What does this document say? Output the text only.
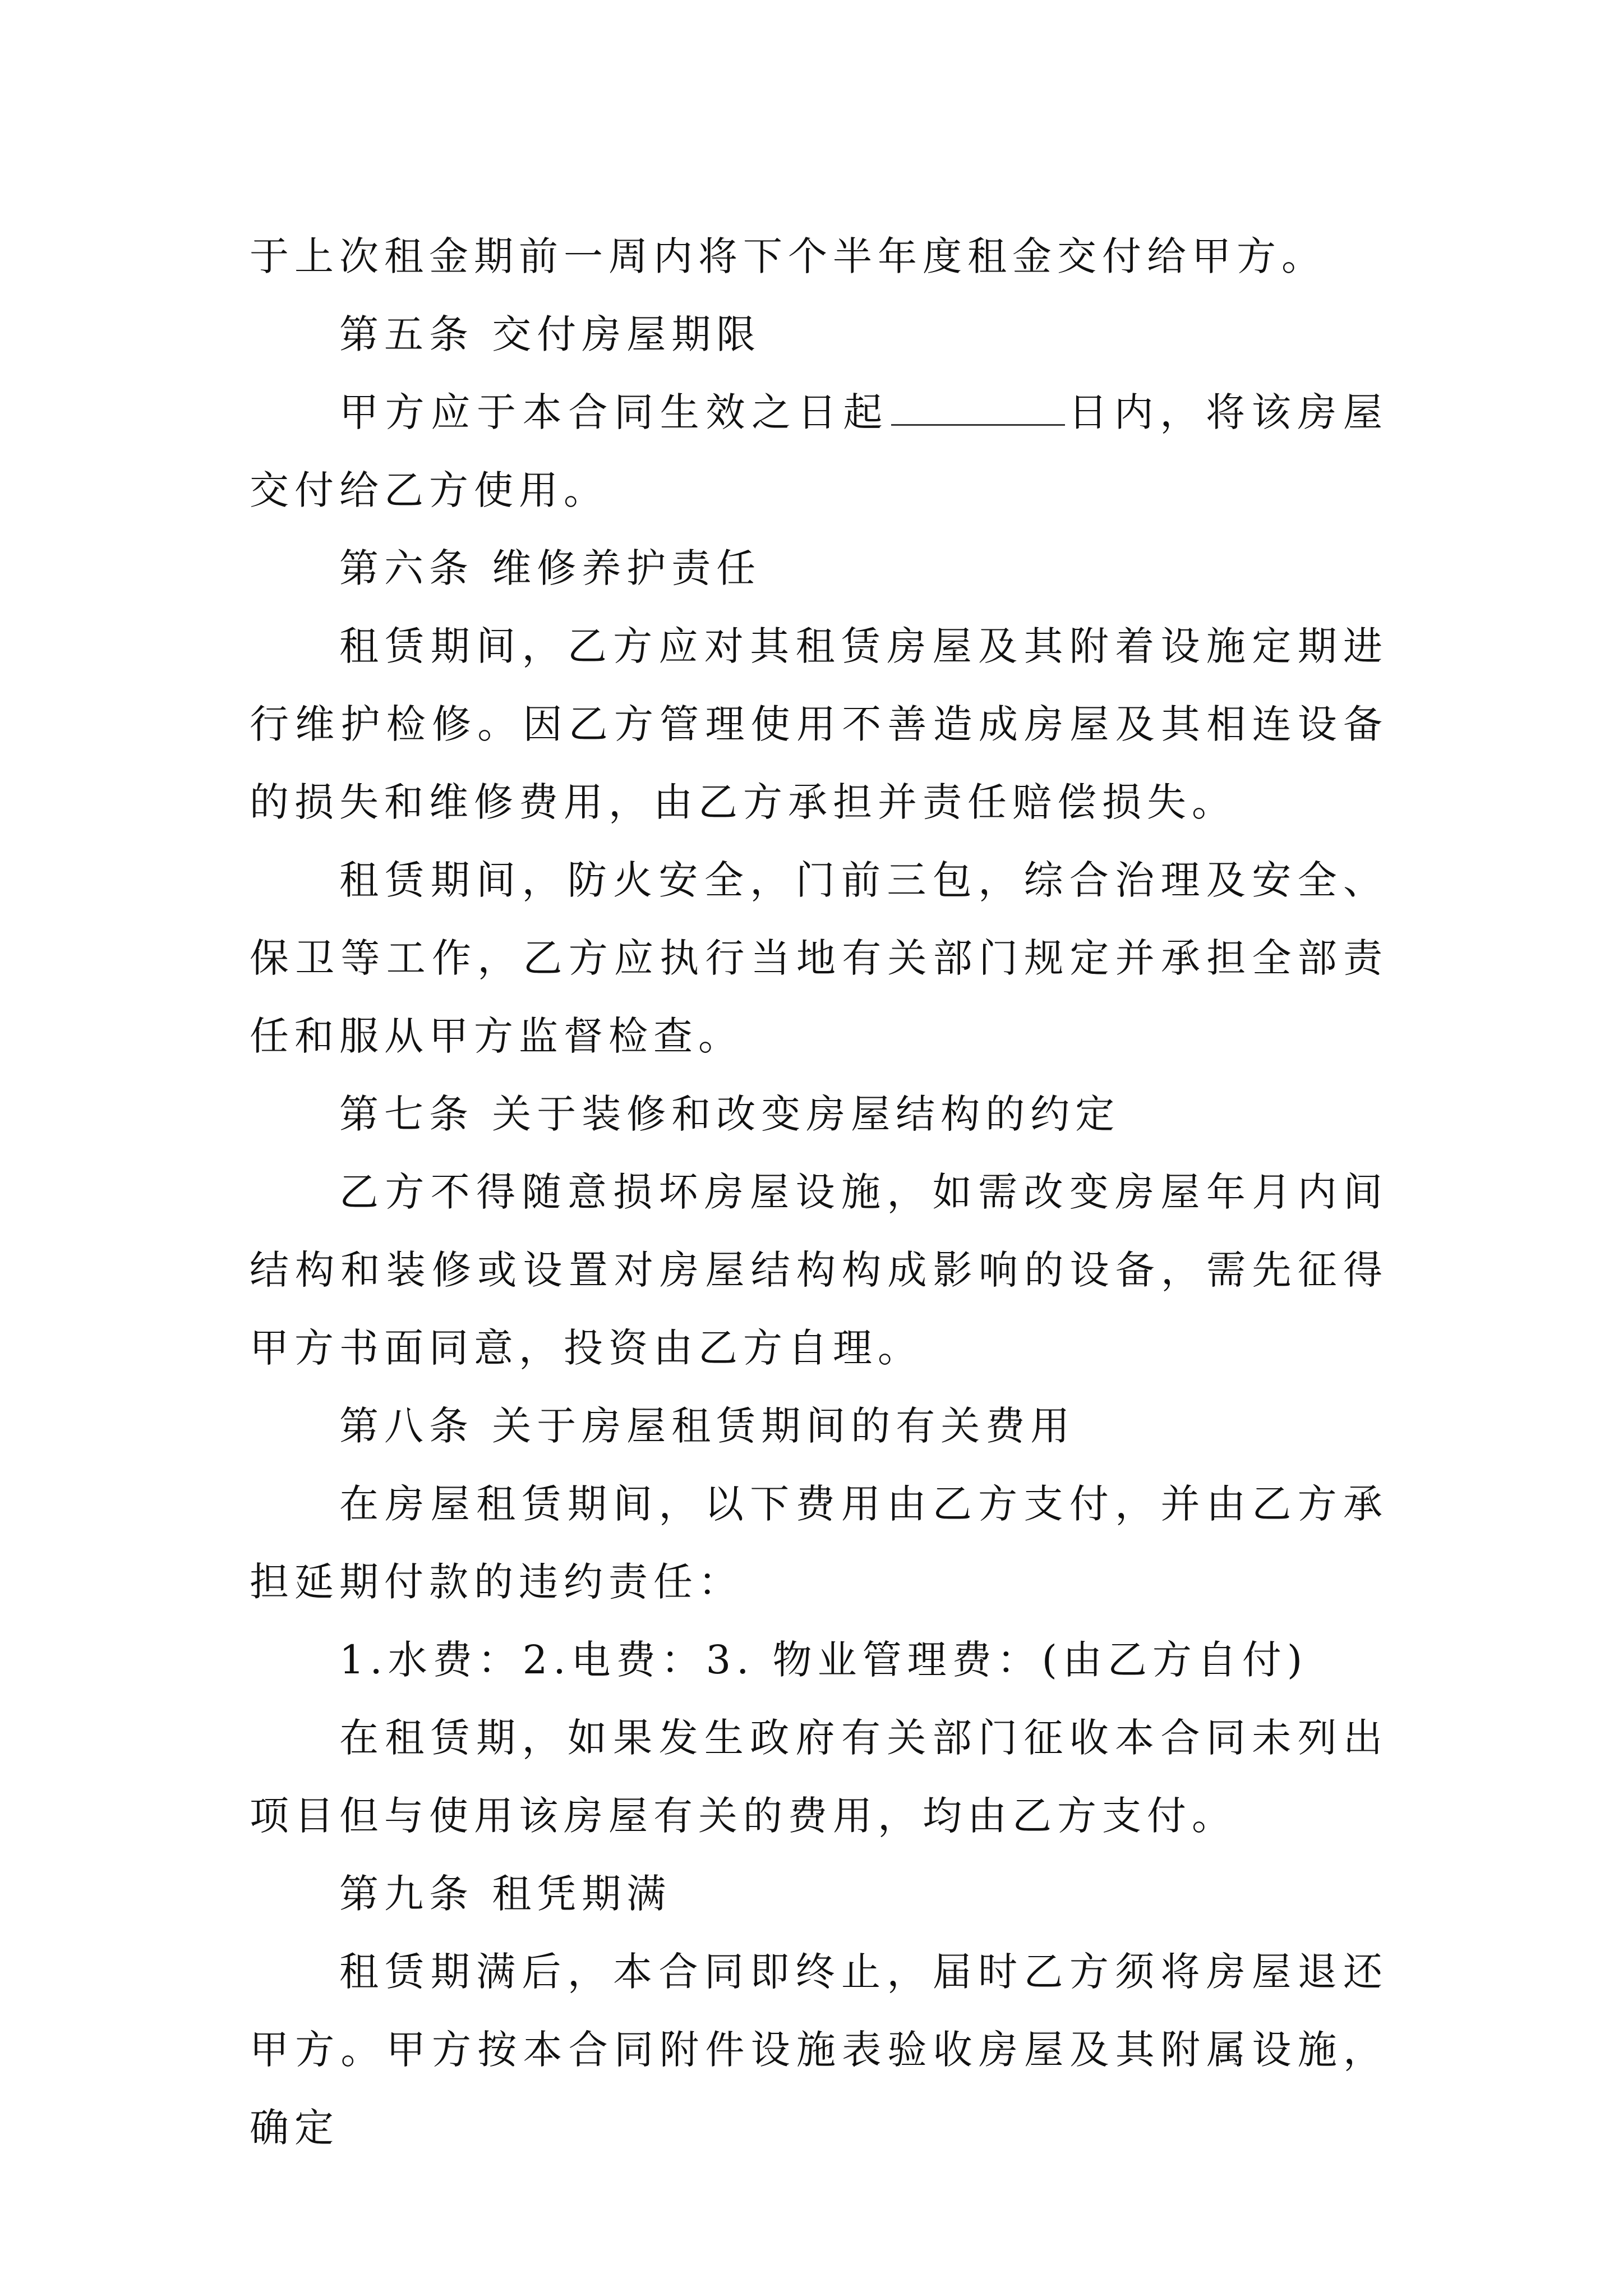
于上次租金期前一周内将下个半年度租金交付给甲方。

第五条 交付房屋期限

甲方应于本合同生效之日起	日内，将该房屋交付给乙方使用。

第六条 维修养护责任

租赁期间，乙方应对其租赁房屋及其附着设施定期进行维护检修。因乙方管理使用不善造成房屋及其相连设备的损失和维修费用，由乙方承担并责任赔偿损失。

租赁期间，防火安全，门前三包，综合治理及安全、保卫等工作，乙方应执行当地有关部门规定并承担全部责任和服从甲方监督检查。

第七条 关于装修和改变房屋结构的约定

乙方不得随意损坏房屋设施，如需改变房屋年月内间结构和装修或设置对房屋结构构成影响的设备，需先征得甲方书面同意，投资由乙方自理。

第八条 关于房屋租赁期间的有关费用

在房屋租赁期间，以下费用由乙方支付，并由乙方承担延期付款的违约责任：

1.水费：2.电费：3. 物业管理费：(由乙方自付)

在租赁期，如果发生政府有关部门征收本合同未列出项目但与使用该房屋有关的费用，均由乙方支付。

第九条 租凭期满

租赁期满后，本合同即终止，届时乙方须将房屋退还甲方。甲方按本合同附件设施表验收房屋及其附属设施，确定
